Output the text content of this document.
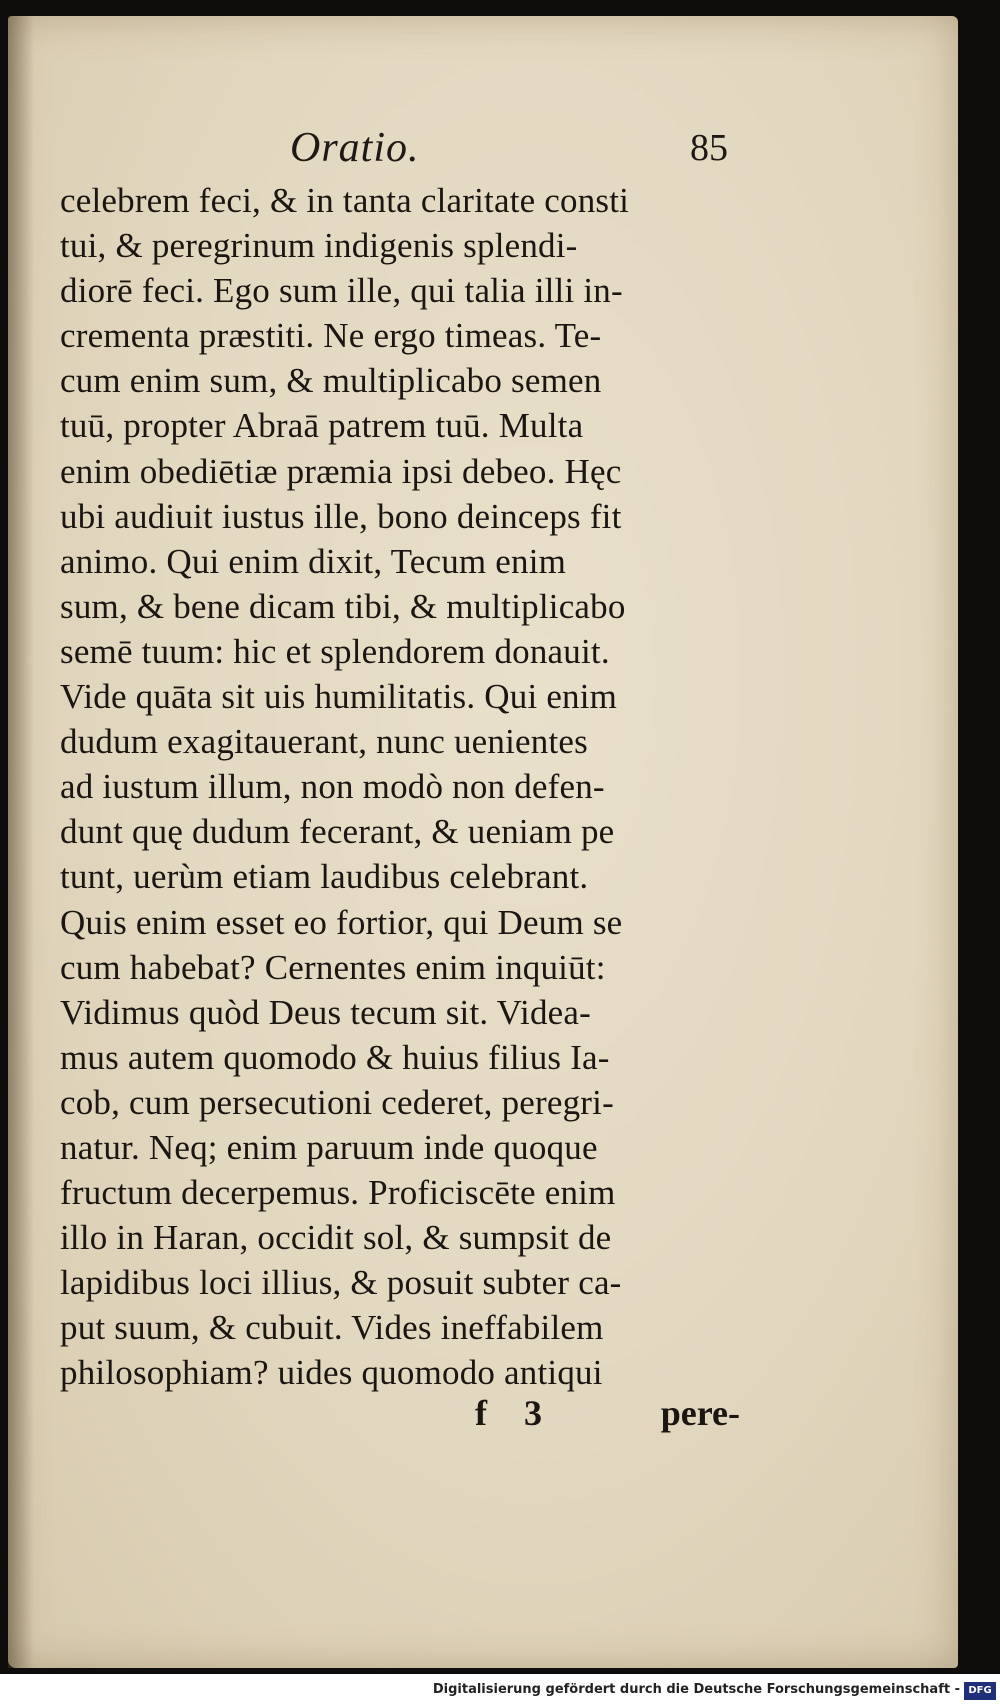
Oratio.	85
celebrem feci, & in tanta claritate consti
tui, & peregrinum indigenis splendi-
diorē feci. Ego sum ille, qui talia illi in-
crementa præstiti. Ne ergo timeas. Te-
cum enim sum, & multiplicabo semen
tuū, propter Abraā patrem tuū. Multa
enim obediētiæ præmia ipsi debeo. Hęc
ubi audiuit iustus ille, bono deinceps fit
animo. Qui enim dixit, Tecum enim
sum, & bene dicam tibi, & multiplicabo
semē tuum: hic et splendorem donauit.
Vide quāta sit uis humilitatis. Qui enim
dudum exagitauerant, nunc uenientes
ad iustum illum, non modò non defen-
dunt quę dudum fecerant, & ueniam pe
tunt, uerùm etiam laudibus celebrant.
Quis enim esset eo fortior, qui Deum se
cum habebat? Cernentes enim inquiūt:
Vidimus quòd Deus tecum sit. Videa-
mus autem quomodo & huius filius Ia-
cob, cum persecutioni cederet, peregri-
natur. Neq; enim paruum inde quoque
fructum decerpemus. Proficiscēte enim
illo in Haran, occidit sol, & sumpsit de
lapidibus loci illius, & posuit subter ca-
put suum, & cubuit. Vides ineffabilem
philosophiam? uides quomodo antiqui
f 3	pere-
Digitalisierung gefördert durch die Deutsche Forschungsgemeinschaft - DFG
